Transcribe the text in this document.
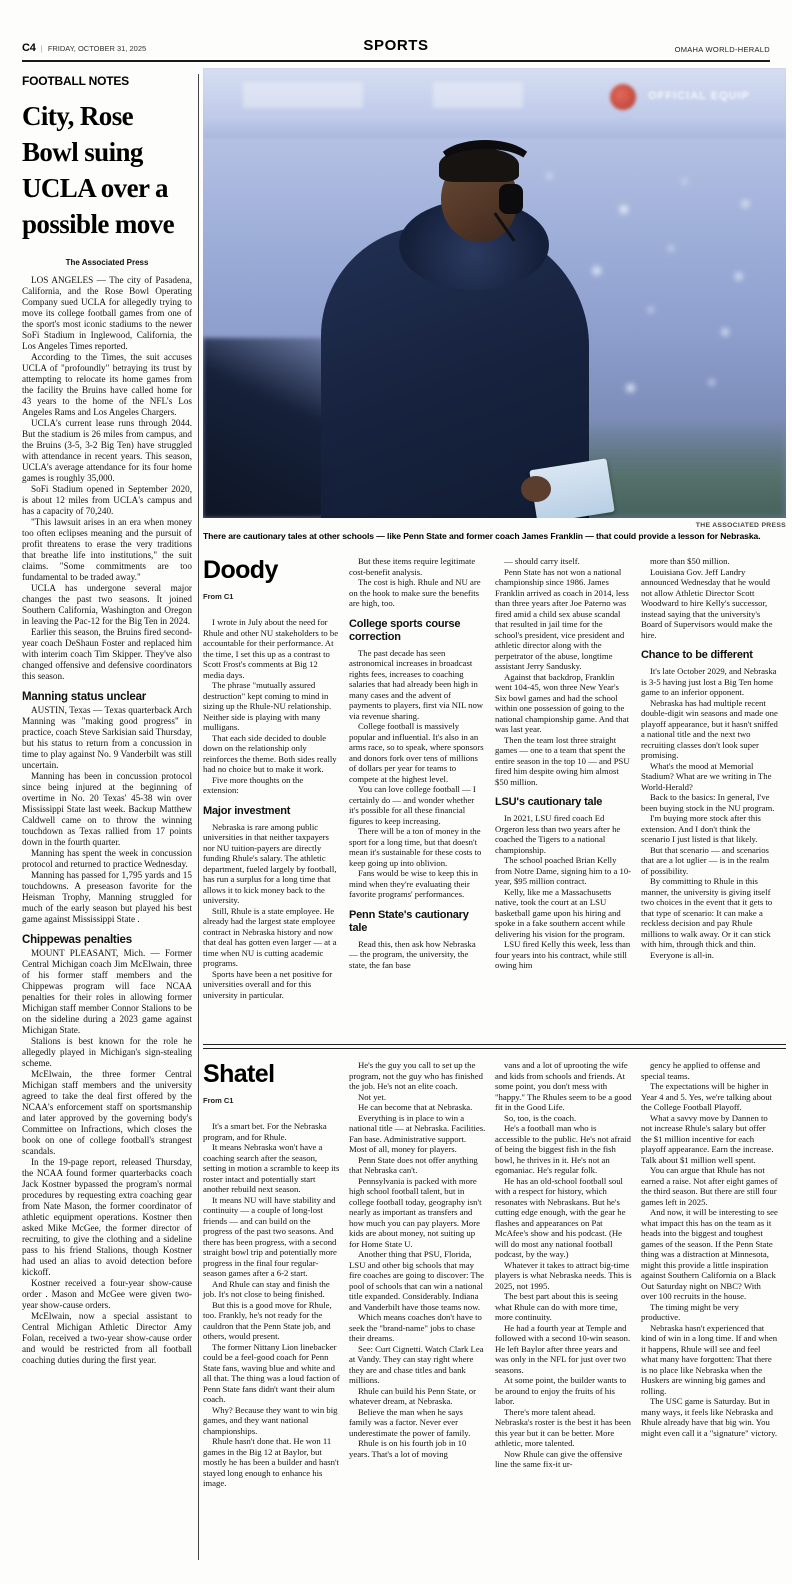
C4 | FRIDAY, OCTOBER 31, 2025	SPORTS	OMAHA WORLD-HERALD
FOOTBALL NOTES
City, Rose Bowl suing UCLA over a possible move
The Associated Press
LOS ANGELES — The city of Pasadena, California, and the Rose Bowl Operating Company sued UCLA for allegedly trying to move its college football games from one of the sport's most iconic stadiums to the newer SoFi Stadium in Inglewood, California, the Los Angeles Times reported.
According to the Times, the suit accuses UCLA of "profoundly" betraying its trust by attempting to relocate its home games from the facility the Bruins have called home for 43 years to the home of the NFL's Los Angeles Rams and Los Angeles Chargers.
UCLA's current lease runs through 2044. But the stadium is 26 miles from campus, and the Bruins (3-5, 3-2 Big Ten) have struggled with attendance in recent years. This season, UCLA's average attendance for its four home games is roughly 35,000.
SoFi Stadium opened in September 2020, is about 12 miles from UCLA's campus and has a capacity of 70,240.
"This lawsuit arises in an era when money too often eclipses meaning and the pursuit of profit threatens to erase the very traditions that breathe life into institutions," the suit claims. "Some commitments are too fundamental to be traded away."
UCLA has undergone several major changes the past two seasons. It joined Southern California, Washington and Oregon in leaving the Pac-12 for the Big Ten in 2024.
Earlier this season, the Bruins fired second-year coach DeShaun Foster and replaced him with interim coach Tim Skipper. They've also changed offensive and defensive coordinators this season.
Manning status unclear
AUSTIN, Texas — Texas quarterback Arch Manning was "making good progress" in practice, coach Steve Sarkisian said Thursday, but his status to return from a concussion in time to play against No. 9 Vanderbilt was still uncertain.
Manning has been in concussion protocol since being injured at the beginning of overtime in No. 20 Texas' 45-38 win over Mississippi State last week. Backup Matthew Caldwell came on to throw the winning touchdown as Texas rallied from 17 points down in the fourth quarter.
Manning has spent the week in concussion protocol and returned to practice Wednesday.
Manning has passed for 1,795 yards and 15 touchdowns. A preseason favorite for the Heisman Trophy, Manning struggled for much of the early season but played his best game against Mississippi State .
Chippewas penalties
MOUNT PLEASANT, Mich. — Former Central Michigan coach Jim McElwain, three of his former staff members and the Chippewas program will face NCAA penalties for their roles in allowing former Michigan staff member Connor Stalions to be on the sideline during a 2023 game against Michigan State.
Stalions is best known for the role he allegedly played in Michigan's sign-stealing scheme.
McElwain, the three former Central Michigan staff members and the university agreed to take the deal first offered by the NCAA's enforcement staff on sportsmanship and later approved by the governing body's Committee on Infractions, which closes the book on one of college football's strangest scandals.
In the 19-page report, released Thursday, the NCAA found former quarterbacks coach Jack Kostner bypassed the program's normal procedures by requesting extra coaching gear from Nate Mason, the former coordinator of athletic equipment operations. Kostner then asked Mike McGee, the former director of recruiting, to give the clothing and a sideline pass to his friend Stalions, though Kostner had used an alias to avoid detection before kickoff.
Kostner received a four-year show-cause order . Mason and McGee were given two-year show-cause orders.
McElwain, now a special assistant to Central Michigan Athletic Director Amy Folan, received a two-year show-cause order and would be restricted from all football coaching duties during the first year.
OFFICIAL EQUIP
THE ASSOCIATED PRESS
There are cautionary tales at other schools — like Penn State and former coach James Franklin — that could provide a lesson for Nebraska.
Doody
From C1
I wrote in July about the need for Rhule and other NU stakeholders to be accountable for their performance. At the time, I set this up as a contrast to Scott Frost's comments at Big 12 media days.
The phrase "mutually assured destruction" kept coming to mind in sizing up the Rhule-NU relationship. Neither side is playing with many mulligans.
That each side decided to double down on the relationship only reinforces the theme. Both sides really had no choice but to make it work.
Five more thoughts on the extension:
Major investment
Nebraska is rare among public universities in that neither taxpayers nor NU tuition-payers are directly funding Rhule's salary. The athletic department, fueled largely by football, has run a surplus for a long time that allows it to kick money back to the university.
Still, Rhule is a state employee. He already had the largest state employee contract in Nebraska history and now that deal has gotten even larger — at a time when NU is cutting academic programs.
Sports have been a net positive for universities overall and for this university in particular.
But these items require legitimate cost-benefit analysis.
The cost is high. Rhule and NU are on the hook to make sure the benefits are high, too.
College sports course correction
The past decade has seen astronomical increases in broadcast rights fees, increases to coaching salaries that had already been high in many cases and the advent of payments to players, first via NIL now via revenue sharing.
College football is massively popular and influential. It's also in an arms race, so to speak, where sponsors and donors fork over tens of millions of dollars per year for teams to compete at the highest level.
You can love college football — I certainly do — and wonder whether it's possible for all these financial figures to keep increasing.
There will be a ton of money in the sport for a long time, but that doesn't mean it's sustainable for these costs to keep going up into oblivion.
Fans would be wise to keep this in mind when they're evaluating their favorite programs' performances.
Penn State's cautionary tale
Read this, then ask how Nebraska — the program, the university, the state, the fan base
— should carry itself.
Penn State has not won a national championship since 1986. James Franklin arrived as coach in 2014, less than three years after Joe Paterno was fired amid a child sex abuse scandal that resulted in jail time for the school's president, vice president and athletic director along with the perpetrator of the abuse, longtime assistant Jerry Sandusky.
Against that backdrop, Franklin went 104-45, won three New Year's Six bowl games and had the school within one possession of going to the national championship game. And that was last year.
Then the team lost three straight games — one to a team that spent the entire season in the top 10 — and PSU fired him despite owing him almost $50 million.
LSU's cautionary tale
In 2021, LSU fired coach Ed Orgeron less than two years after he coached the Tigers to a national championship.
The school poached Brian Kelly from Notre Dame, signing him to a 10-year, $95 million contract.
Kelly, like me a Massachusetts native, took the court at an LSU basketball game upon his hiring and spoke in a fake southern accent while delivering his vision for the program.
LSU fired Kelly this week, less than four years into his contract, while still owing him
more than $50 million.
Louisiana Gov. Jeff Landry announced Wednesday that he would not allow Athletic Director Scott Woodward to hire Kelly's successor, instead saying that the university's Board of Supervisors would make the hire.
Chance to be different
It's late October 2029, and Nebraska is 3-5 having just lost a Big Ten home game to an inferior opponent.
Nebraska has had multiple recent double-digit win seasons and made one playoff appearance, but it hasn't sniffed a national title and the next two recruiting classes don't look super promising.
What's the mood at Memorial Stadium? What are we writing in The World-Herald?
Back to the basics: In general, I've been buying stock in the NU program.
I'm buying more stock after this extension. And I don't think the scenario I just listed is that likely.
But that scenario — and scenarios that are a lot uglier — is in the realm of possibility.
By committing to Rhule in this manner, the university is giving itself two choices in the event that it gets to that type of scenario: It can make a reckless decision and pay Rhule millions to walk away. Or it can stick with him, through thick and thin.
Everyone is all-in.
Shatel
From C1
It's a smart bet. For the Nebraska program, and for Rhule.
It means Nebraska won't have a coaching search after the season, setting in motion a scramble to keep its roster intact and potentially start another rebuild next season.
It means NU will have stability and continuity — a couple of long-lost friends — and can build on the progress of the past two seasons. And there has been progress, with a second straight bowl trip and potentially more progress in the final four regular-season games after a 6-2 start.
And Rhule can stay and finish the job. It's not close to being finished.
But this is a good move for Rhule, too. Frankly, he's not ready for the cauldron that the Penn State job, and others, would present.
The former Nittany Lion linebacker could be a feel-good coach for Penn State fans, waving blue and white and all that. The thing was a loud faction of Penn State fans didn't want their alum coach.
Why? Because they want to win big games, and they want national championships.
Rhule hasn't done that. He won 11 games in the Big 12 at Baylor, but mostly he has been a builder and hasn't stayed long enough to enhance his image.
He's the guy you call to set up the program, not the guy who has finished the job. He's not an elite coach.
Not yet.
He can become that at Nebraska.
Everything is in place to win a national title — at Nebraska. Facilities. Fan base. Administrative support. Most of all, money for players.
Penn State does not offer anything that Nebraska can't.
Pennsylvania is packed with more high school football talent, but in college football today, geography isn't nearly as important as transfers and how much you can pay players. More kids are about money, not suiting up for Home State U.
Another thing that PSU, Florida, LSU and other big schools that may fire coaches are going to discover: The pool of schools that can win a national title expanded. Considerably. Indiana and Vanderbilt have those teams now.
Which means coaches don't have to seek the "brand-name" jobs to chase their dreams.
See: Curt Cignetti. Watch Clark Lea at Vandy. They can stay right where they are and chase titles and bank millions.
Rhule can build his Penn State, or whatever dream, at Nebraska.
Believe the man when he says family was a factor. Never ever underestimate the power of family.
Rhule is on his fourth job in 10 years. That's a lot of moving
vans and a lot of uprooting the wife and kids from schools and friends. At some point, you don't mess with "happy." The Rhules seem to be a good fit in the Good Life.
So, too, is the coach.
He's a football man who is accessible to the public. He's not afraid of being the biggest fish in the fish bowl, he thrives in it. He's not an egomaniac. He's regular folk.
He has an old-school football soul with a respect for history, which resonates with Nebraskans. But he's cutting edge enough, with the gear he flashes and appearances on Pat McAfee's show and his podcast. (He will do most any national football podcast, by the way.)
Whatever it takes to attract big-time players is what Nebraska needs. This is 2025, not 1995.
The best part about this is seeing what Rhule can do with more time, more continuity.
He had a fourth year at Temple and followed with a second 10-win season. He left Baylor after three years and was only in the NFL for just over two seasons.
At some point, the builder wants to be around to enjoy the fruits of his labor.
There's more talent ahead. Nebraska's roster is the best it has been this year but it can be better. More athletic, more talented.
Now Rhule can give the offensive line the same fix-it ur-
gency he applied to offense and special teams.
The expectations will be higher in Year 4 and 5. Yes, we're talking about the College Football Playoff.
What a savvy move by Dannen to not increase Rhule's salary but offer the $1 million incentive for each playoff appearance. Earn the increase. Talk about $1 million well spent.
You can argue that Rhule has not earned a raise. Not after eight games of the third season. But there are still four games left in 2025.
And now, it will be interesting to see what impact this has on the team as it heads into the biggest and toughest games of the season. If the Penn State thing was a distraction at Minnesota, might this provide a little inspiration against Southern California on a Black Out Saturday night on NBC? With over 100 recruits in the house.
The timing might be very productive.
Nebraska hasn't experienced that kind of win in a long time. If and when it happens, Rhule will see and feel what many have forgotten: That there is no place like Nebraska when the Huskers are winning big games and rolling.
The USC game is Saturday. But in many ways, it feels like Nebraska and Rhule already have that big win. You might even call it a "signature" victory.
